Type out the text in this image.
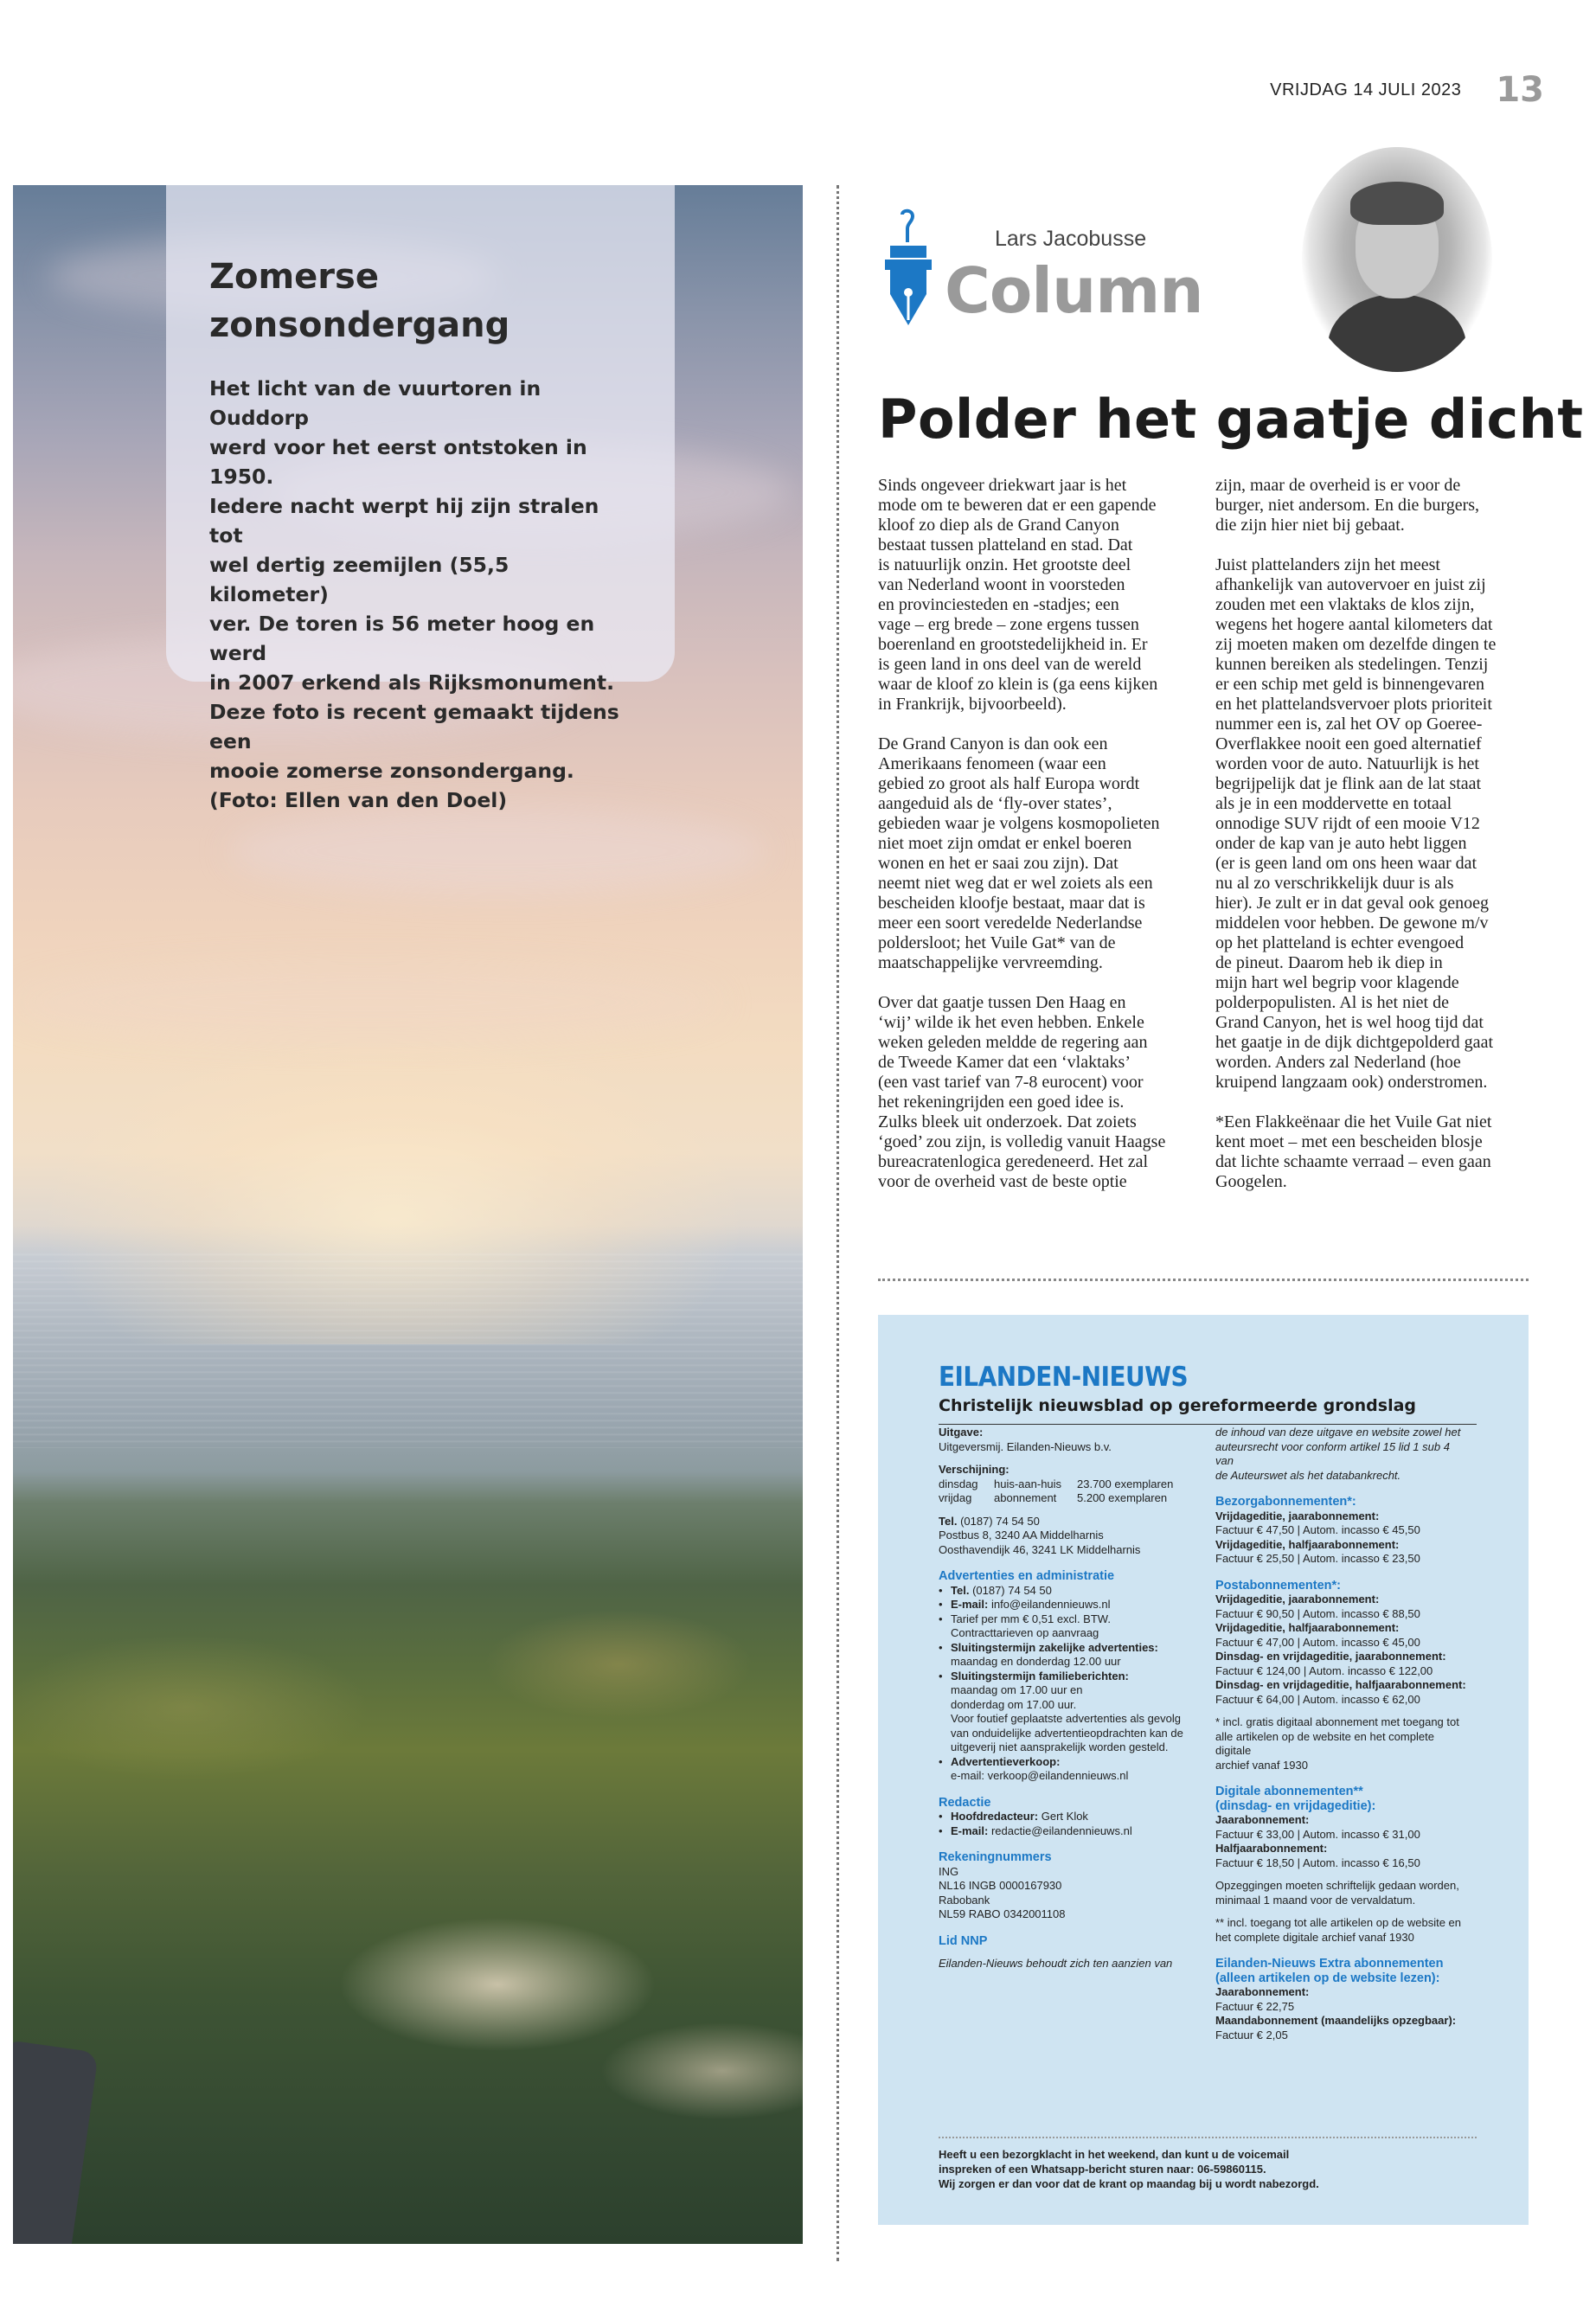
VRIJDAG 14 JULI 2023 13
Zomerse
zonsondergang

Het licht van de vuurtoren in Ouddorp
werd voor het eerst ontstoken in 1950.
Iedere nacht werpt hij zijn stralen tot
wel dertig zeemijlen (55,5 kilometer)
ver. De toren is 56 meter hoog en werd
in 2007 erkend als Rijksmonument.
Deze foto is recent gemaakt tijdens een
mooie zomerse zonsondergang.
(Foto: Ellen van den Doel)

Lars Jacobusse
Column
Polder het gaatje dicht

Sinds ongeveer driekwart jaar is het
mode om te beweren dat er een gapende
kloof zo diep als de Grand Canyon
bestaat tussen platteland en stad. Dat
is natuurlijk onzin. Het grootste deel
van Nederland woont in voorsteden
en provinciesteden en -stadjes; een
vage – erg brede – zone ergens tussen
boerenland en grootstedelijkheid in. Er
is geen land in ons deel van de wereld
waar de kloof zo klein is (ga eens kijken
in Frankrijk, bijvoorbeeld).

De Grand Canyon is dan ook een
Amerikaans fenomeen (waar een
gebied zo groot als half Europa wordt
aangeduid als de ‘fly-over states’,
gebieden waar je volgens kosmopolieten
niet moet zijn omdat er enkel boeren
wonen en het er saai zou zijn). Dat
neemt niet weg dat er wel zoiets als een
bescheiden kloofje bestaat, maar dat is
meer een soort veredelde Nederlandse
poldersloot; het Vuile Gat* van de
maatschappelijke vervreemding.

Over dat gaatje tussen Den Haag en
‘wij’ wilde ik het even hebben. Enkele
weken geleden meldde de regering aan
de Tweede Kamer dat een ‘vlaktaks’
(een vast tarief van 7-8 eurocent) voor
het rekeningrijden een goed idee is.
Zulks bleek uit onderzoek. Dat zoiets
‘goed’ zou zijn, is volledig vanuit Haagse
bureacratenlogica geredeneerd. Het zal
voor de overheid vast de beste optie

zijn, maar de overheid is er voor de
burger, niet andersom. En die burgers,
die zijn hier niet bij gebaat.

Juist plattelanders zijn het meest
afhankelijk van autovervoer en juist zij
zouden met een vlaktaks de klos zijn,
wegens het hogere aantal kilometers dat
zij moeten maken om dezelfde dingen te
kunnen bereiken als stedelingen. Tenzij
er een schip met geld is binnengevaren
en het plattelandsvervoer plots prioriteit
nummer een is, zal het OV op Goeree-
Overflakkee nooit een goed alternatief
worden voor de auto. Natuurlijk is het
begrijpelijk dat je flink aan de lat staat
als je in een moddervette en totaal
onnodige SUV rijdt of een mooie V12
onder de kap van je auto hebt liggen
(er is geen land om ons heen waar dat
nu al zo verschrikkelijk duur is als
hier). Je zult er in dat geval ook genoeg
middelen voor hebben. De gewone m/v
op het platteland is echter evengoed
de pineut. Daarom heb ik diep in
mijn hart wel begrip voor klagende
polderpopulisten. Al is het niet de
Grand Canyon, het is wel hoog tijd dat
het gaatje in de dijk dichtgepolderd gaat
worden. Anders zal Nederland (hoe
kruipend langzaam ook) onderstromen.

*Een Flakkeënaar die het Vuile Gat niet
kent moet – met een bescheiden blosje
dat lichte schaamte verraad – even gaan
Googelen.

EILANDEN-NIEUWS
Christelijk nieuwsblad op gereformeerde grondslag
Uitgave:
Uitgeversmij. Eilanden-Nieuws b.v.
Verschijning:
dinsdag huis-aan-huis 23.700 exemplaren
vrijdag abonnement 5.200 exemplaren
Tel. (0187) 74 54 50
Postbus 8, 3240 AA Middelharnis
Oosthavendijk 46, 3241 LK Middelharnis
Advertenties en administratie
• Tel. (0187) 74 54 50
• E-mail: info@eilandennieuws.nl
• Tarief per mm € 0,51 excl. BTW.
Contracttarieven op aanvraag
• Sluitingstermijn zakelijke advertenties:
maandag en donderdag 12.00 uur
• Sluitingstermijn familieberichten:
maandag om 17.00 uur en
donderdag om 17.00 uur.
Voor foutief geplaatste advertenties als gevolg
van onduidelijke advertentieopdrachten kan de
uitgeverij niet aansprakelijk worden gesteld.
• Advertentieverkoop:
e-mail: verkoop@eilandennieuws.nl
Redactie
• Hoofdredacteur: Gert Klok
• E-mail: redactie@eilandennieuws.nl
Rekeningnummers
ING
NL16 INGB 0000167930
Rabobank
NL59 RABO 0342001108
Lid NNP
Eilanden-Nieuws behoudt zich ten aanzien van
de inhoud van deze uitgave en website zowel het
auteursrecht voor conform artikel 15 lid 1 sub 4 van
de Auteurswet als het databankrecht.
Bezorgabonnementen*:
Vrijdageditie, jaarabonnement:
Factuur € 47,50 | Autom. incasso € 45,50
Vrijdageditie, halfjaarabonnement:
Factuur € 25,50 | Autom. incasso € 23,50
Postabonnementen*:
Vrijdageditie, jaarabonnement:
Factuur € 90,50 | Autom. incasso € 88,50
Vrijdageditie, halfjaarabonnement:
Factuur € 47,00 | Autom. incasso € 45,00
Dinsdag- en vrijdageditie, jaarabonnement:
Factuur € 124,00 | Autom. incasso € 122,00
Dinsdag- en vrijdageditie, halfjaarabonnement:
Factuur € 64,00 | Autom. incasso € 62,00
* incl. gratis digitaal abonnement met toegang tot
alle artikelen op de website en het complete digitale
archief vanaf 1930
Digitale abonnementen**
(dinsdag- en vrijdageditie):
Jaarabonnement:
Factuur € 33,00 | Autom. incasso € 31,00
Halfjaarabonnement:
Factuur € 18,50 | Autom. incasso € 16,50
Opzeggingen moeten schriftelijk gedaan worden,
minimaal 1 maand voor de vervaldatum.
** incl. toegang tot alle artikelen op de website en
het complete digitale archief vanaf 1930
Eilanden-Nieuws Extra abonnementen
(alleen artikelen op de website lezen):
Jaarabonnement:
Factuur € 22,75
Maandabonnement (maandelijks opzegbaar):
Factuur € 2,05
Heeft u een bezorgklacht in het weekend, dan kunt u de voicemail
inspreken of een Whatsapp-bericht sturen naar: 06-59860115.
Wij zorgen er dan voor dat de krant op maandag bij u wordt nabezorgd.
